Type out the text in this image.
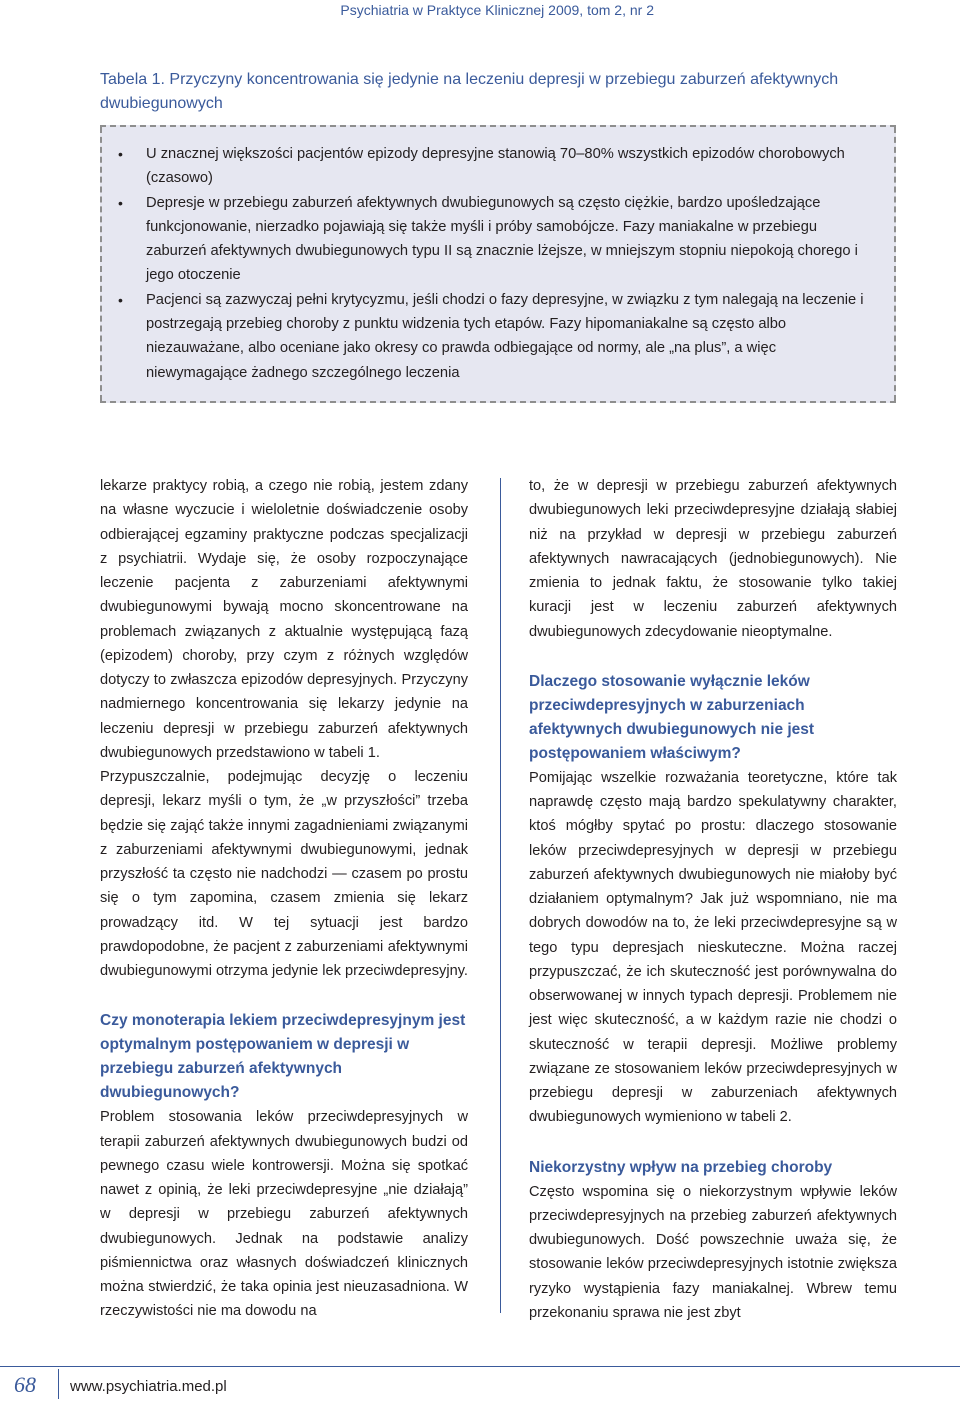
Psychiatria w Praktyce Klinicznej 2009, tom 2, nr 2
Tabela 1. Przyczyny koncentrowania się jedynie na leczeniu depresji w przebiegu zaburzeń afektywnych dwubiegunowych
• U znacznej większości pacjentów epizody depresyjne stanowią 70–80% wszystkich epizodów chorobowych (czasowo)
• Depresje w przebiegu zaburzeń afektywnych dwubiegunowych są często ciężkie, bardzo upośledzające funkcjonowanie, nierzadko pojawiają się także myśli i próby samobójcze. Fazy maniakalne w przebiegu zaburzeń afektywnych dwubiegunowych typu II są znacznie lżejsze, w mniejszym stopniu niepokoją chorego i jego otoczenie
• Pacjenci są zazwyczaj pełni krytycyzmu, jeśli chodzi o fazy depresyjne, w związku z tym nalegają na leczenie i postrzegają przebieg choroby z punktu widzenia tych etapów. Fazy hipomaniakalne są często albo niezauważane, albo oceniane jako okresy co prawda odbiegające od normy, ale „na plus”, a więc niewymagające żadnego szczególnego leczenia

lekarze praktycy robią, a czego nie robią, jestem zdany na własne wyczucie i wieloletnie doświadczenie osoby odbierającej egzaminy praktyczne podczas specjalizacji z psychiatrii. Wydaje się, że osoby rozpoczynające leczenie pacjenta z zaburzeniami afektywnymi dwubiegunowymi bywają mocno skoncentrowane na problemach związanych z aktualnie występującą fazą (epizodem) choroby, przy czym z różnych względów dotyczy to zwłaszcza epizodów depresyjnych. Przyczyny nadmiernego koncentrowania się lekarzy jedynie na leczeniu depresji w przebiegu zaburzeń afektywnych dwubiegunowych przedstawiono w tabeli 1.

Przypuszczalnie, podejmując decyzję o leczeniu depresji, lekarz myśli o tym, że „w przyszłości” trzeba będzie się zająć także innymi zagadnieniami związanymi z zaburzeniami afektywnymi dwubiegunowymi, jednak przyszłość ta często nie nadchodzi — czasem po prostu się o tym zapomina, czasem zmienia się lekarz prowadzący itd. W tej sytuacji jest bardzo prawdopodobne, że pacjent z zaburzeniami afektywnymi dwubiegunowymi otrzyma jedynie lek przeciwdepresyjny.

Czy monoterapia lekiem przeciwdepresyjnym jest optymalnym postępowaniem w depresji w przebiegu zaburzeń afektywnych dwubiegunowych?

Problem stosowania leków przeciwdepresyjnych w terapii zaburzeń afektywnych dwubiegunowych budzi od pewnego czasu wiele kontrowersji. Można się spotkać nawet z opinią, że leki przeciwdepresyjne „nie działają” w depresji w przebiegu zaburzeń afektywnych dwubiegunowych. Jednak na podstawie analizy piśmiennictwa oraz własnych doświadczeń klinicznych można stwierdzić, że taka opinia jest nieuzasadniona. W rzeczywistości nie ma dowodu na

to, że w depresji w przebiegu zaburzeń afektywnych dwubiegunowych leki przeciwdepresyjne działają słabiej niż na przykład w depresji w przebiegu zaburzeń afektywnych nawracających (jednobiegunowych). Nie zmienia to jednak faktu, że stosowanie tylko takiej kuracji jest w leczeniu zaburzeń afektywnych dwubiegunowych zdecydowanie nieoptymalne.

Dlaczego stosowanie wyłącznie leków przeciwdepresyjnych w zaburzeniach afektywnych dwubiegunowych nie jest postępowaniem właściwym?

Pomijając wszelkie rozważania teoretyczne, które tak naprawdę często mają bardzo spekulatywny charakter, ktoś mógłby spytać po prostu: dlaczego stosowanie leków przeciwdepresyjnych w depresji w przebiegu zaburzeń afektywnych dwubiegunowych nie miałoby być działaniem optymalnym? Jak już wspomniano, nie ma dobrych dowodów na to, że leki przeciwdepresyjne są w tego typu depresjach nieskuteczne. Można raczej przypuszczać, że ich skuteczność jest porównywalna do obserwowanej w innych typach depresji. Problemem nie jest więc skuteczność, a w każdym razie nie chodzi o skuteczność w terapii depresji. Możliwe problemy związane ze stosowaniem leków przeciwdepresyjnych w przebiegu depresji w zaburzeniach afektywnych dwubiegunowych wymieniono w tabeli 2.

Niekorzystny wpływ na przebieg choroby

Często wspomina się o niekorzystnym wpływie leków przeciwdepresyjnych na przebieg zaburzeń afektywnych dwubiegunowych. Dość powszechnie uważa się, że stosowanie leków przeciwdepresyjnych istotnie zwiększa ryzyko wystąpienia fazy maniakalnej. Wbrew temu przekonaniu sprawa nie jest zbyt

68	www.psychiatria.med.pl
